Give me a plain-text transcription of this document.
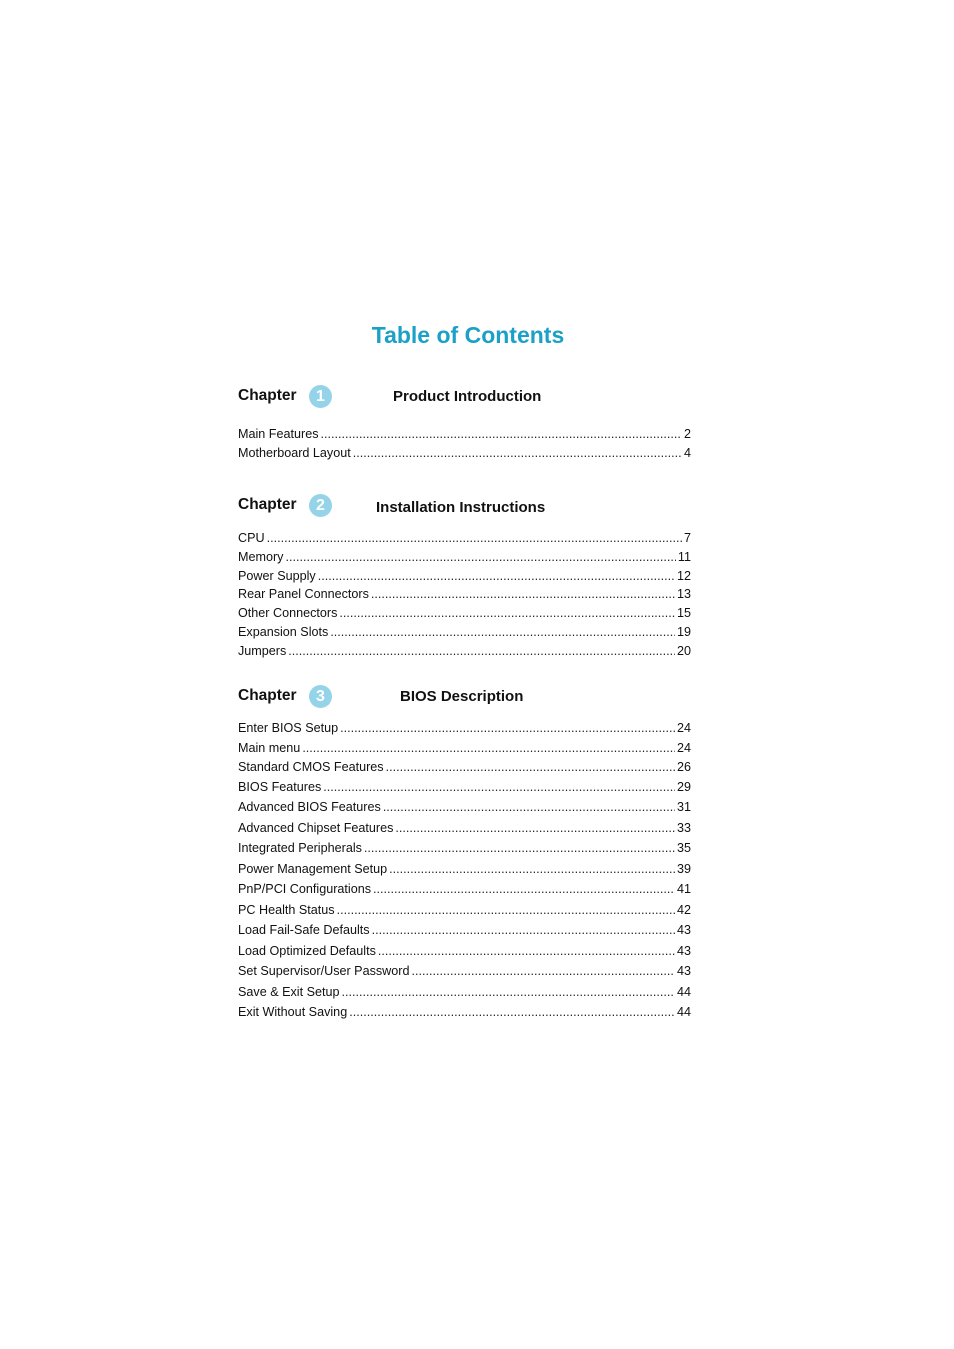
Table of Contents
Chapter	1	Product Introduction
Main Features .....	2
Motherboard Layout .....	4
Chapter	2	Installation Instructions
CPU .....	7
Memory .....	11
Power Supply .....	12
Rear Panel Connectors .....	13
Other Connectors .....	15
Expansion Slots .....	19
Jumpers .....	20
Chapter	3	BIOS Description
Enter BIOS Setup .....	24
Main menu .....	24
Standard CMOS Features .....	26
BIOS Features .....	29
Advanced BIOS Features .....	31
Advanced Chipset Features .....	33
Integrated Peripherals .....	35
Power Management Setup .....	39
PnP/PCI Configurations .....	41
PC Health Status .....	42
Load Fail-Safe Defaults .....	43
Load Optimized Defaults .....	43
Set Supervisor/User Password .....	43
Save & Exit Setup .....	44
Exit Without Saving .....	44
